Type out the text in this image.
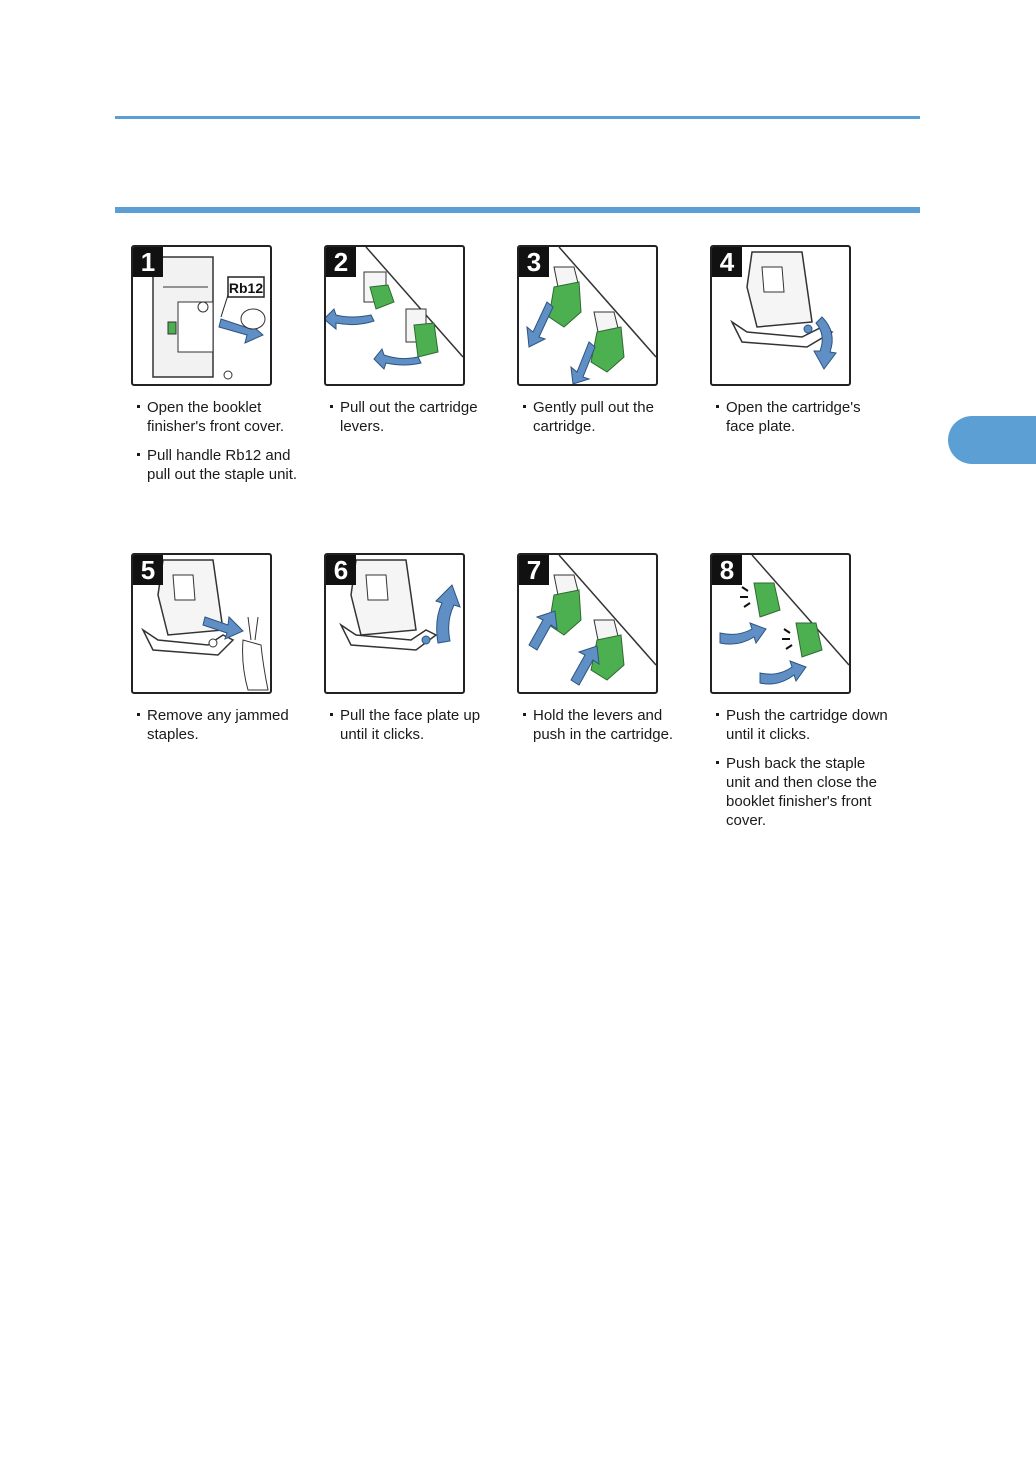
Rb12
1
Open the booklet finisher's front cover.
Pull handle Rb12 and pull out the staple unit.
2
Pull out the cartridge levers.
3
Gently pull out the cartridge.
4
Open the cartridge's face plate.
5
Remove any jammed staples.
6
Pull the face plate up until it clicks.
7
Hold the levers and push in the cartridge.
8
Push the cartridge down until it clicks.
Push back the staple unit and then close the booklet finisher's front cover.
